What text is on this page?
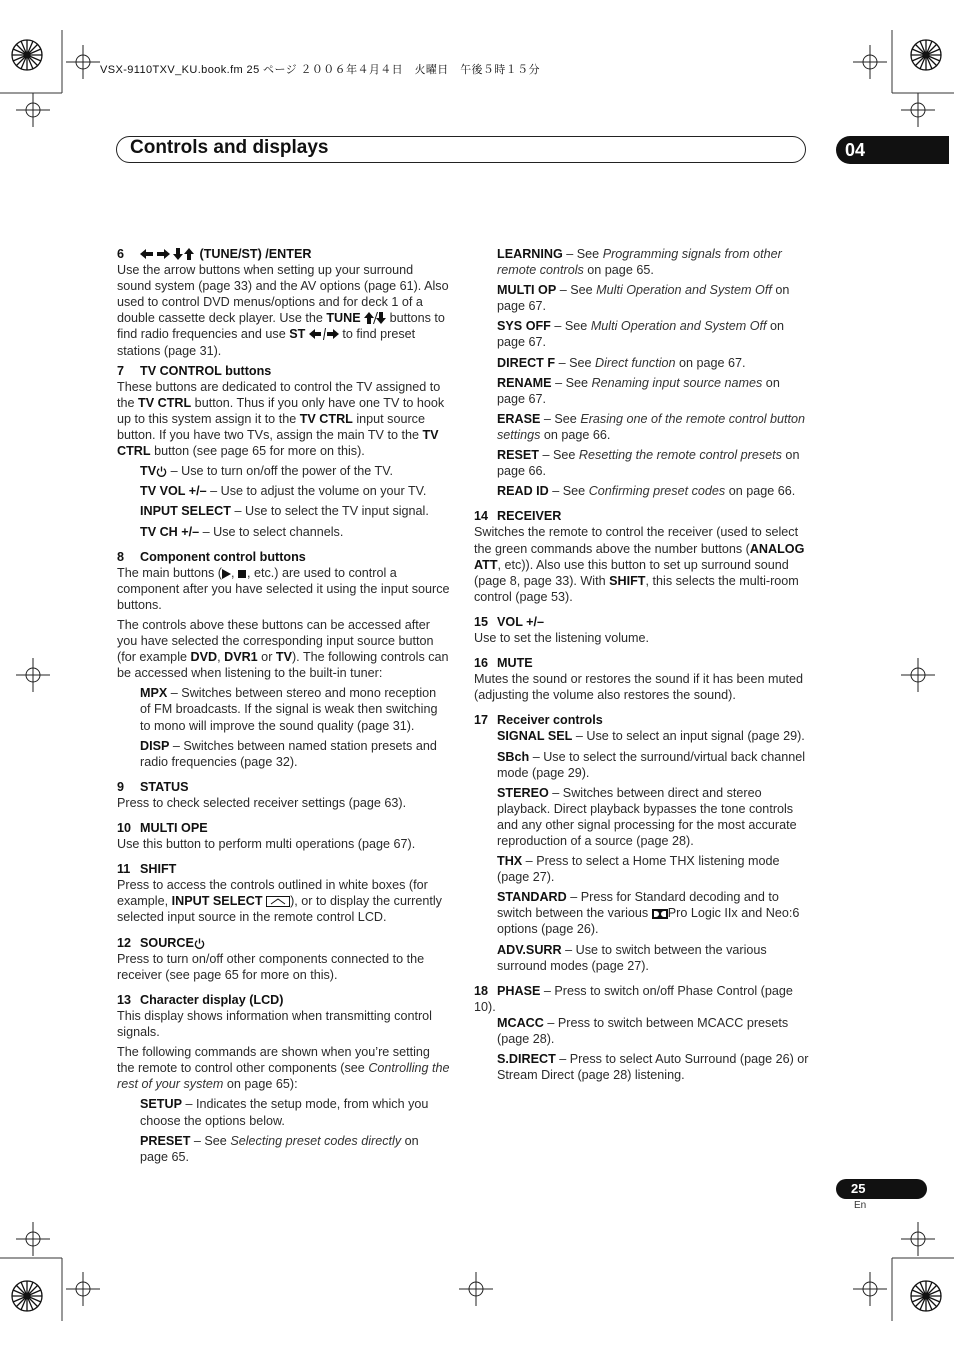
VSX-9110TXV_KU.book.fm 25 ページ ２００６年４月４日　火曜日　午後５時１５分
Controls and displays	04

6	(TUNE/ST) /ENTER

Use the arrow buttons when setting up your surround sound system (page 33) and the AV options (page 61). Also used to control DVD menus/options and for deck 1 of a double cassette deck player. Use the TUNE  buttons to find radio frequencies and use ST	to find preset stations (page 31).

7 TV CONTROL buttons

These buttons are dedicated to control the TV assigned to the TV CTRL button. Thus if you only have one TV to hook up to this system assign it to the TV CTRL input source button. If you have two TVs, assign the main TV to the TV CTRL button (see page 65 for more on this).

TV – Use to turn on/off the power of the TV.

TV VOL +/– – Use to adjust the volume on your TV.

INPUT SELECT – Use to select the TV input signal.

TV CH +/– – Use to select channels.

8 Component control buttons

The main buttons ( , , etc.) are used to control a component after you have selected it using the input source buttons.

The controls above these buttons can be accessed after you have selected the corresponding input source button (for example DVD, DVR1 or TV). The following controls can be accessed when listening to the built-in tuner:

MPX – Switches between stereo and mono reception of FM broadcasts. If the signal is weak then switching to mono will improve the sound quality (page 31).

DISP – Switches between named station presets and radio frequencies (page 32).

9 STATUS

Press to check selected receiver settings (page 63).

10 MULTI OPE

Use this button to perform multi operations (page 67).

11 SHIFT

Press to access the controls outlined in white boxes (for example, INPUT SELECT ), or to display the currently selected input source in the remote control LCD.

12 SOURCE

Press to turn on/off other components connected to the receiver (see page 65 for more on this).

13 Character display (LCD)

This display shows information when transmitting control signals.

The following commands are shown when you’re setting the remote to control other components (see Controlling the rest of your system on page 65):

SETUP – Indicates the setup mode, from which you choose the options below.

PRESET – See Selecting preset codes directly on page 65.

LEARNING – See Programming signals from other remote controls on page 65.

MULTI OP – See Multi Operation and System Off on page 67.

SYS OFF – See Multi Operation and System Off on page 67.

DIRECT F – See Direct function on page 67.

RENAME – See Renaming input source names on page 67.

ERASE – See Erasing one of the remote control button settings on page 66.

RESET – See Resetting the remote control presets on page 66.

READ ID – See Confirming preset codes on page 66.

14 RECEIVER

Switches the remote to control the receiver (used to select the green commands above the number buttons (ANALOG ATT, etc)). Also use this button to set up surround sound (page 8, page 33). With SHIFT, this selects the multi-room control (page 53).

15 VOL +/–

Use to set the listening volume.

16 MUTE

Mutes the sound or restores the sound if it has been muted (adjusting the volume also restores the sound).

17 Receiver controls

SIGNAL SEL – Use to select an input signal (page 29).

SBch – Use to select the surround/virtual back channel mode (page 29).

STEREO – Switches between direct and stereo playback. Direct playback bypasses the tone controls and any other signal processing for the most accurate reproduction of a source (page 28).

THX – Press to select a Home THX listening mode (page 27).

STANDARD – Press for Standard decoding and to switch between the various Pro Logic IIx and Neo:6 options (page 26).

ADV.SURR – Use to switch between the various surround modes (page 27).

18 PHASE – Press to switch on/off Phase Control (page 10).

MCACC – Press to switch between MCACC presets (page 28).

S.DIRECT – Press to select Auto Surround (page 26) or Stream Direct (page 28) listening.

25
En
